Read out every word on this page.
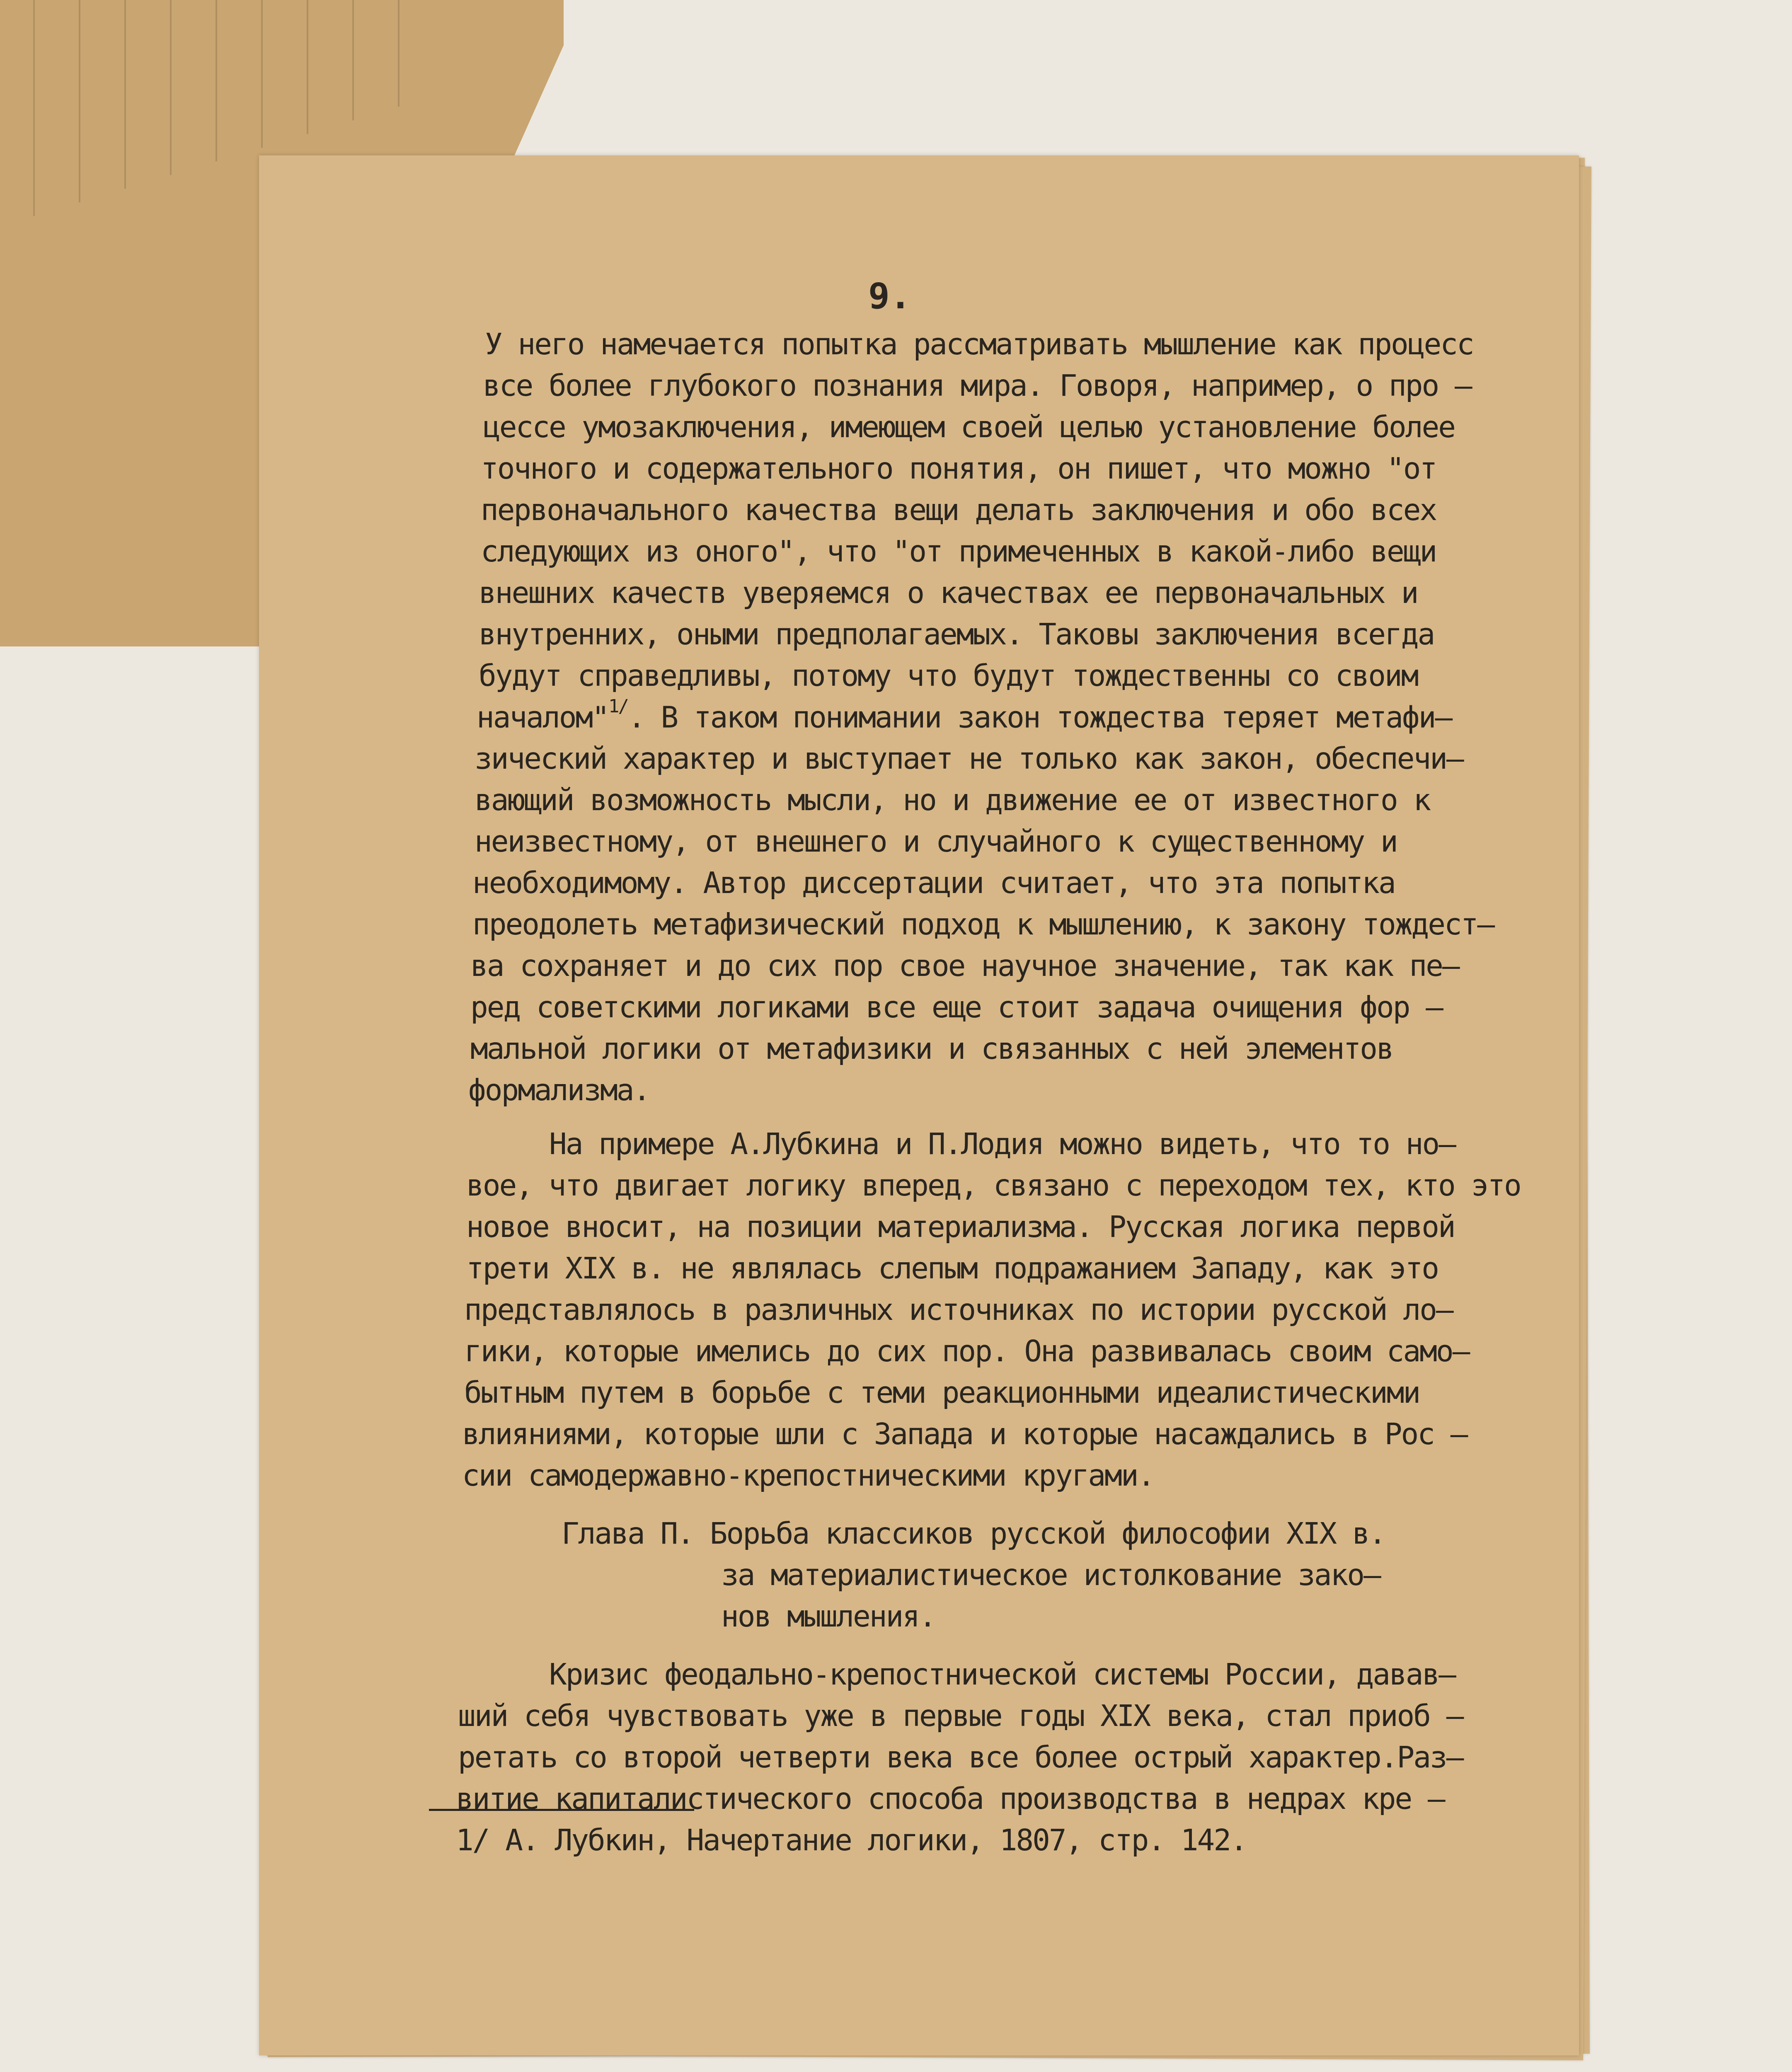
9.
У него намечается попытка рассматривать мышление как процесс
все более глубокого познания мира. Говоря, например, о про –
цессе умозаключения, имеющем своей целью установление более
точного и содержательного понятия, он пишет, что можно "от
первоначального качества вещи делать заключения и обо всех
следующих из оного", что "от примеченных в какой-либо вещи
внешних качеств уверяемся о качествах ее первоначальных и
внутренних, оными предполагаемых. Таковы заключения всегда
будут справедливы, потому что будут тождественны со своим
началом"$^{1/}$. В таком понимании закон тождества теряет метафи–
зический характер и выступает не только как закон, обеспечи–
вающий возможность мысли, но и движение ее от известного к
неизвестному, от внешнего и случайного к существенному и
необходимому. Автор диссертации считает, что эта попытка
преодолеть метафизический подход к мышлению, к закону тождест–
ва сохраняет и до сих пор свое научное значение, так как пе–
ред советскими логиками все еще стоит задача очищения фор –
мальной логики от метафизики и связанных с ней элементов
формализма.
На примере А.Лубкина и П.Лодия можно видеть, что то но–
вое, что двигает логику вперед, связано с переходом тех, кто это
новое вносит, на позиции материализма. Русская логика первой
трети XIX в. не являлась слепым подражанием Западу, как это
представлялось в различных источниках по истории русской ло–
гики, которые имелись до сих пор. Она развивалась своим само–
бытным путем в борьбе с теми реакционными идеалистическими
влияниями, которые шли с Запада и которые насаждались в Рос –
сии самодержавно-крепостническими кругами.
Глава П. Борьба классиков русской философии XIX в.
за материалистическое истолкование зако–
нов мышления.
Кризис феодально-крепостнической системы России, давав–
ший себя чувствовать уже в первые годы XIX века, стал приоб –
ретать со второй четверти века все более острый характер.Раз–
витие капиталистического способа производства в недрах кре –
1/ А. Лубкин, Начертание логики, 1807, стр. 142.
